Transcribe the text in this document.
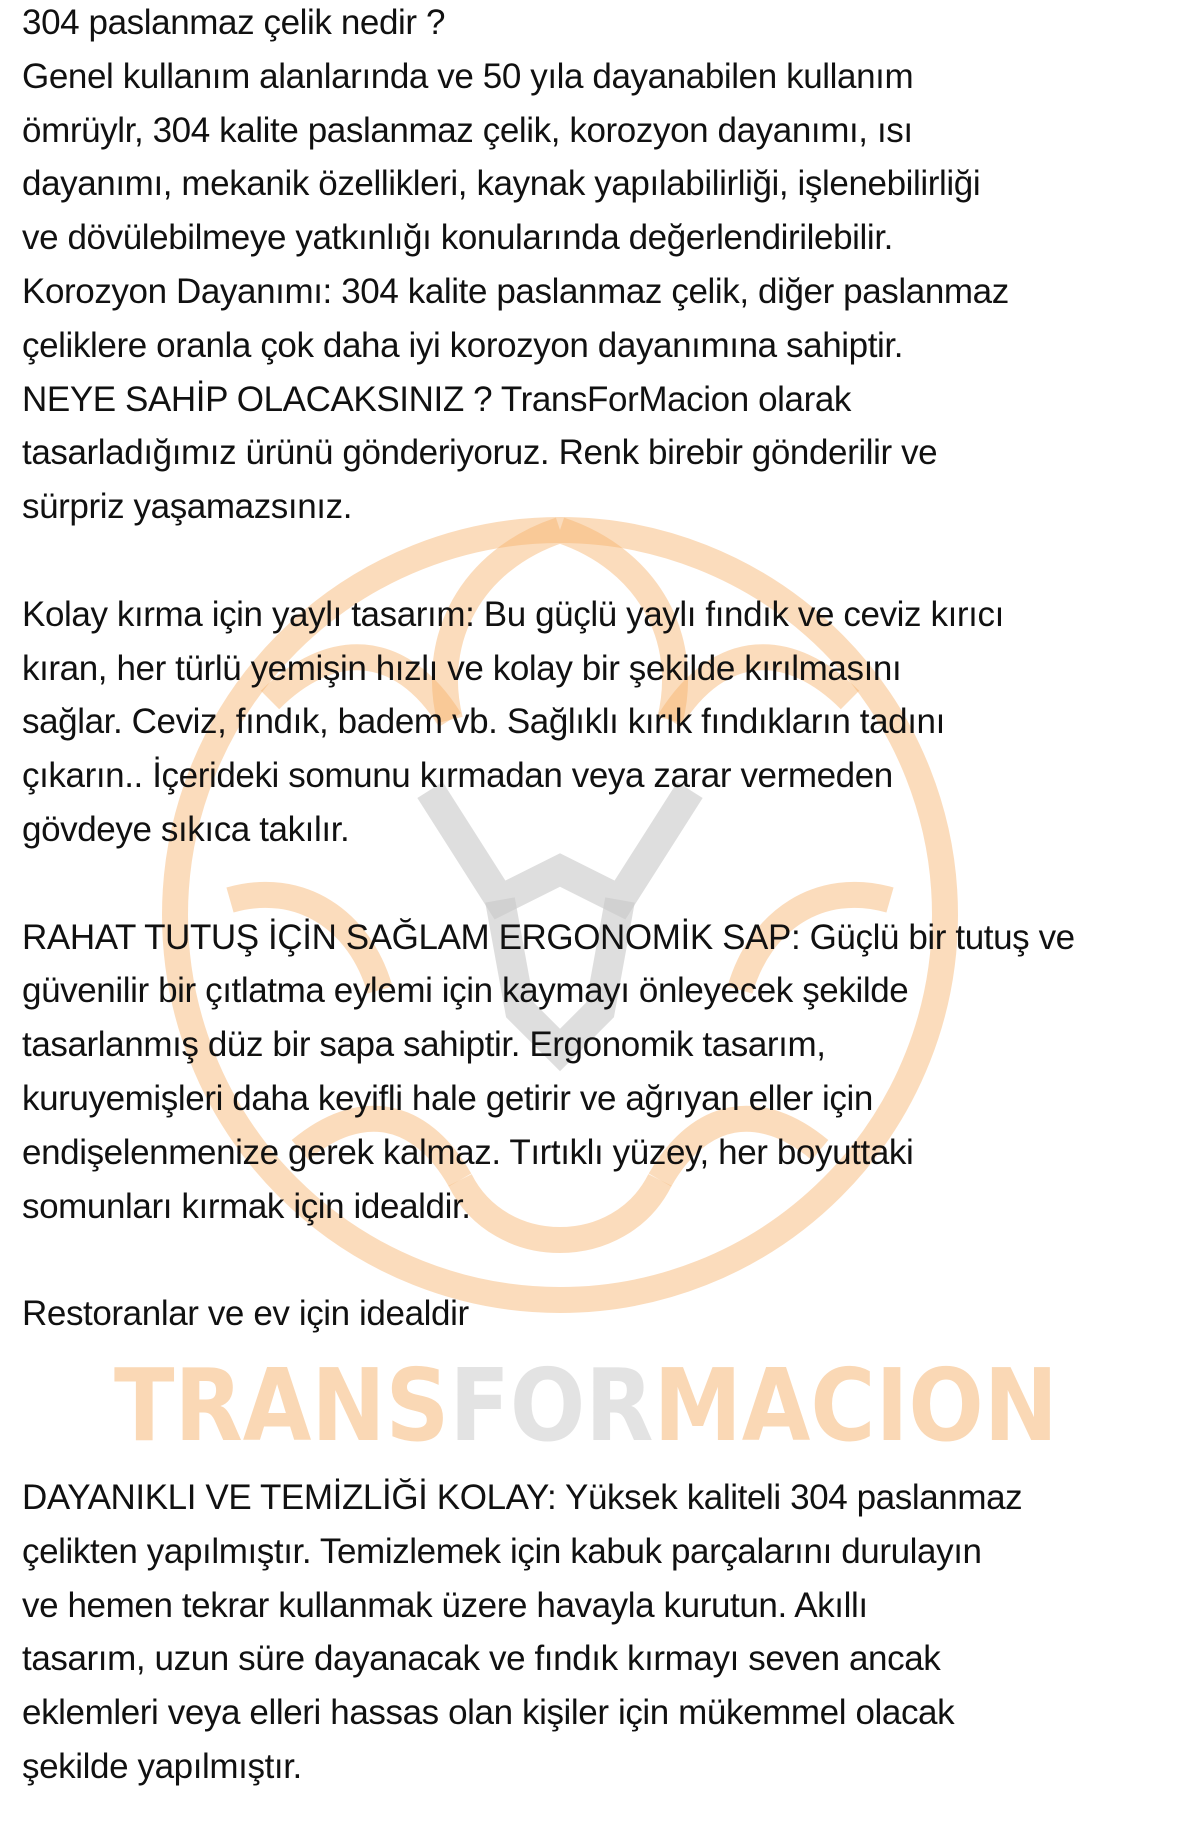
TRANSFORMACION
304 paslanmaz çelik nedir ?
Genel kullanım alanlarında ve 50 yıla dayanabilen kullanım
ömrüylr, 304 kalite paslanmaz çelik, korozyon dayanımı, ısı
dayanımı, mekanik özellikleri, kaynak yapılabilirliği, işlenebilirliği
ve dövülebilmeye yatkınlığı konularında değerlendirilebilir.
Korozyon Dayanımı: 304 kalite paslanmaz çelik, diğer paslanmaz
çeliklere oranla çok daha iyi korozyon dayanımına sahiptir.
NEYE SAHİP OLACAKSINIZ ? TransForMacion olarak
tasarladığımız ürünü gönderiyoruz. Renk birebir gönderilir ve
sürpriz yaşamazsınız.
Kolay kırma için yaylı tasarım: Bu güçlü yaylı fındık ve ceviz kırıcı
kıran, her türlü yemişin hızlı ve kolay bir şekilde kırılmasını
sağlar. Ceviz, fındık, badem vb. Sağlıklı kırık fındıkların tadını
çıkarın.. İçerideki somunu kırmadan veya zarar vermeden
gövdeye sıkıca takılır.
RAHAT TUTUŞ İÇİN SAĞLAM ERGONOMİK SAP: Güçlü bir tutuş ve
güvenilir bir çıtlatma eylemi için kaymayı önleyecek şekilde
tasarlanmış düz bir sapa sahiptir. Ergonomik tasarım,
kuruyemişleri daha keyifli hale getirir ve ağrıyan eller için
endişelenmenize gerek kalmaz. Tırtıklı yüzey, her boyuttaki
somunları kırmak için idealdir.
Restoranlar ve ev için idealdir
DAYANIKLI VE TEMİZLİĞİ KOLAY: Yüksek kaliteli 304 paslanmaz
çelikten yapılmıştır. Temizlemek için kabuk parçalarını durulayın
ve hemen tekrar kullanmak üzere havayla kurutun. Akıllı
tasarım, uzun süre dayanacak ve fındık kırmayı seven ancak
eklemleri veya elleri hassas olan kişiler için mükemmel olacak
şekilde yapılmıştır.
